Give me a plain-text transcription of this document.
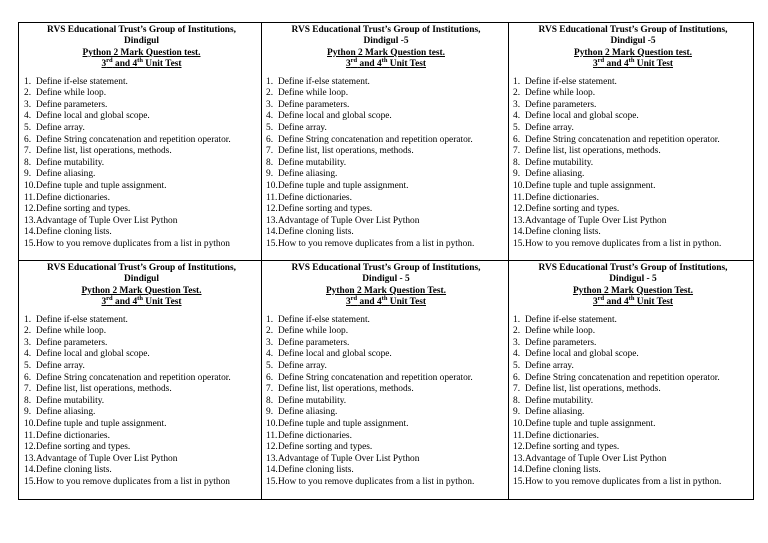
RVS Educational Trust’s Group of Institutions,
Dindigul
Python 2 Mark Question test.
3rd and 4th Unit Test
1. Define if-else statement.
2. Define while loop.
3. Define parameters.
4. Define local and global scope.
5. Define array.
6. Define String concatenation and repetition operator.
7. Define list, list operations, methods.
8. Define mutability.
9. Define aliasing.
10.Define tuple and tuple assignment.
11.Define dictionaries.
12.Define sorting and types.
13.Advantage of Tuple Over List Python
14.Define cloning lists.
15.How to you remove duplicates from a list in python
RVS Educational Trust’s Group of Institutions,
Dindigul -5
Python 2 Mark Question test.
3rd and 4th Unit Test
1. Define if-else statement.
2. Define while loop.
3. Define parameters.
4. Define local and global scope.
5. Define array.
6. Define String concatenation and repetition operator.
7. Define list, list operations, methods.
8. Define mutability.
9. Define aliasing.
10.Define tuple and tuple assignment.
11.Define dictionaries.
12.Define sorting and types.
13.Advantage of Tuple Over List Python
14.Define cloning lists.
15.How to you remove duplicates from a list in python.
RVS Educational Trust’s Group of Institutions,
Dindigul -5
Python 2 Mark Question test.
3rd and 4th Unit Test
1. Define if-else statement.
2. Define while loop.
3. Define parameters.
4. Define local and global scope.
5. Define array.
6. Define String concatenation and repetition operator.
7. Define list, list operations, methods.
8. Define mutability.
9. Define aliasing.
10.Define tuple and tuple assignment.
11.Define dictionaries.
12.Define sorting and types.
13.Advantage of Tuple Over List Python
14.Define cloning lists.
15.How to you remove duplicates from a list in python.
RVS Educational Trust’s Group of Institutions,
Dindigul
Python 2 Mark Question Test.
3rd and 4th Unit Test
1. Define if-else statement.
2. Define while loop.
3. Define parameters.
4. Define local and global scope.
5. Define array.
6. Define String concatenation and repetition operator.
7. Define list, list operations, methods.
8. Define mutability.
9. Define aliasing.
10.Define tuple and tuple assignment.
11.Define dictionaries.
12.Define sorting and types.
13.Advantage of Tuple Over List Python
14.Define cloning lists.
15.How to you remove duplicates from a list in python
RVS Educational Trust’s Group of Institutions,
Dindigul - 5
Python 2 Mark Question Test.
3rd and 4th Unit Test
1. Define if-else statement.
2. Define while loop.
3. Define parameters.
4. Define local and global scope.
5. Define array.
6. Define String concatenation and repetition operator.
7. Define list, list operations, methods.
8. Define mutability.
9. Define aliasing.
10.Define tuple and tuple assignment.
11.Define dictionaries.
12.Define sorting and types.
13.Advantage of Tuple Over List Python
14.Define cloning lists.
15.How to you remove duplicates from a list in python.
RVS Educational Trust’s Group of Institutions,
Dindigul - 5
Python 2 Mark Question Test.
3rd and 4th Unit Test
1. Define if-else statement.
2. Define while loop.
3. Define parameters.
4. Define local and global scope.
5. Define array.
6. Define String concatenation and repetition operator.
7. Define list, list operations, methods.
8. Define mutability.
9. Define aliasing.
10.Define tuple and tuple assignment.
11.Define dictionaries.
12.Define sorting and types.
13.Advantage of Tuple Over List Python
14.Define cloning lists.
15.How to you remove duplicates from a list in python.
